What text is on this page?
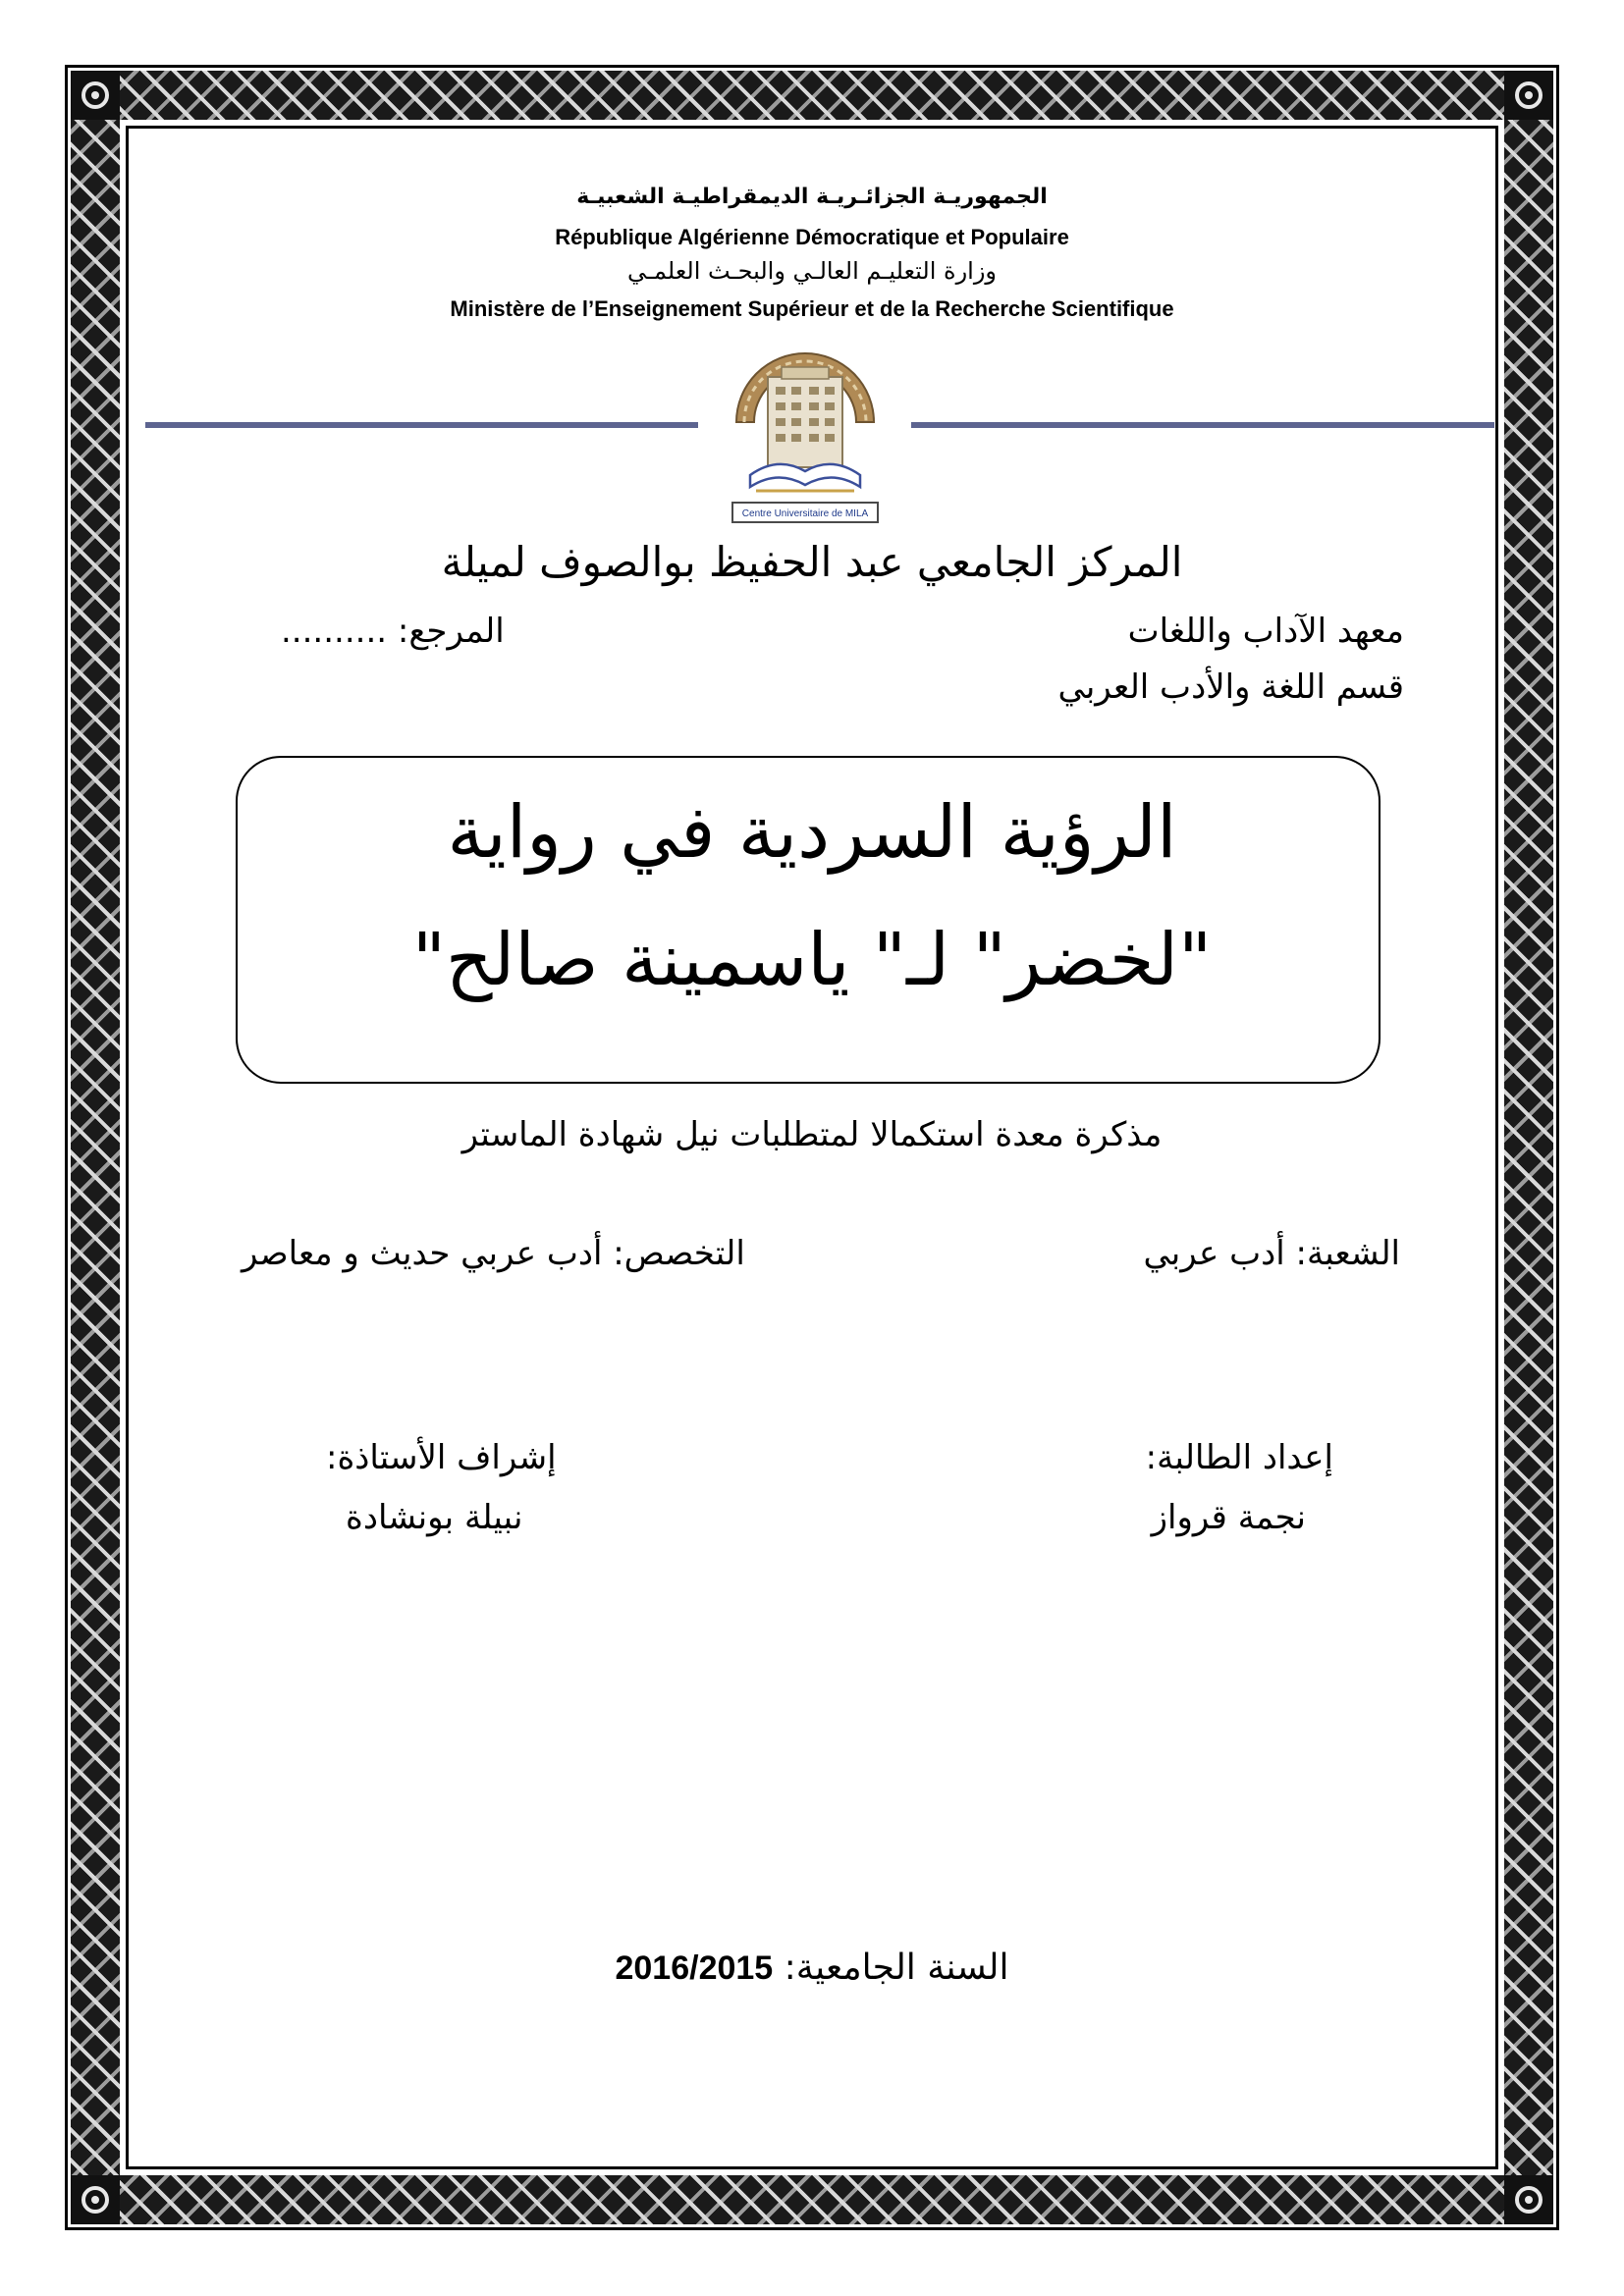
الجمهوريـة الجزائـريـة الديمقراطيـة الشعبيـة
République Algérienne Démocratique et Populaire
وزارة التعليـم العالـي والبحـث العلمـي
Ministère de l’Enseignement Supérieur et de la Recherche Scientifique
Centre Universitaire de MILA
المركز الجامعي عبد الحفيظ بوالصوف لميلة
معهد الآداب واللغات
المرجع: ..........
قسم اللغة والأدب العربي
الرؤية السردية في رواية
"لخضر" لـ" ياسمينة صالح"
مذكرة معدة استكمالا لمتطلبات نيل شهادة الماستر
الشعبة: أدب عربي
التخصص: أدب عربي حديث و معاصر
إعداد الطالبة:
نجمة قرواز
إشراف الأستاذة:
نبيلة بونشادة
السنة الجامعية: 2016/2015
